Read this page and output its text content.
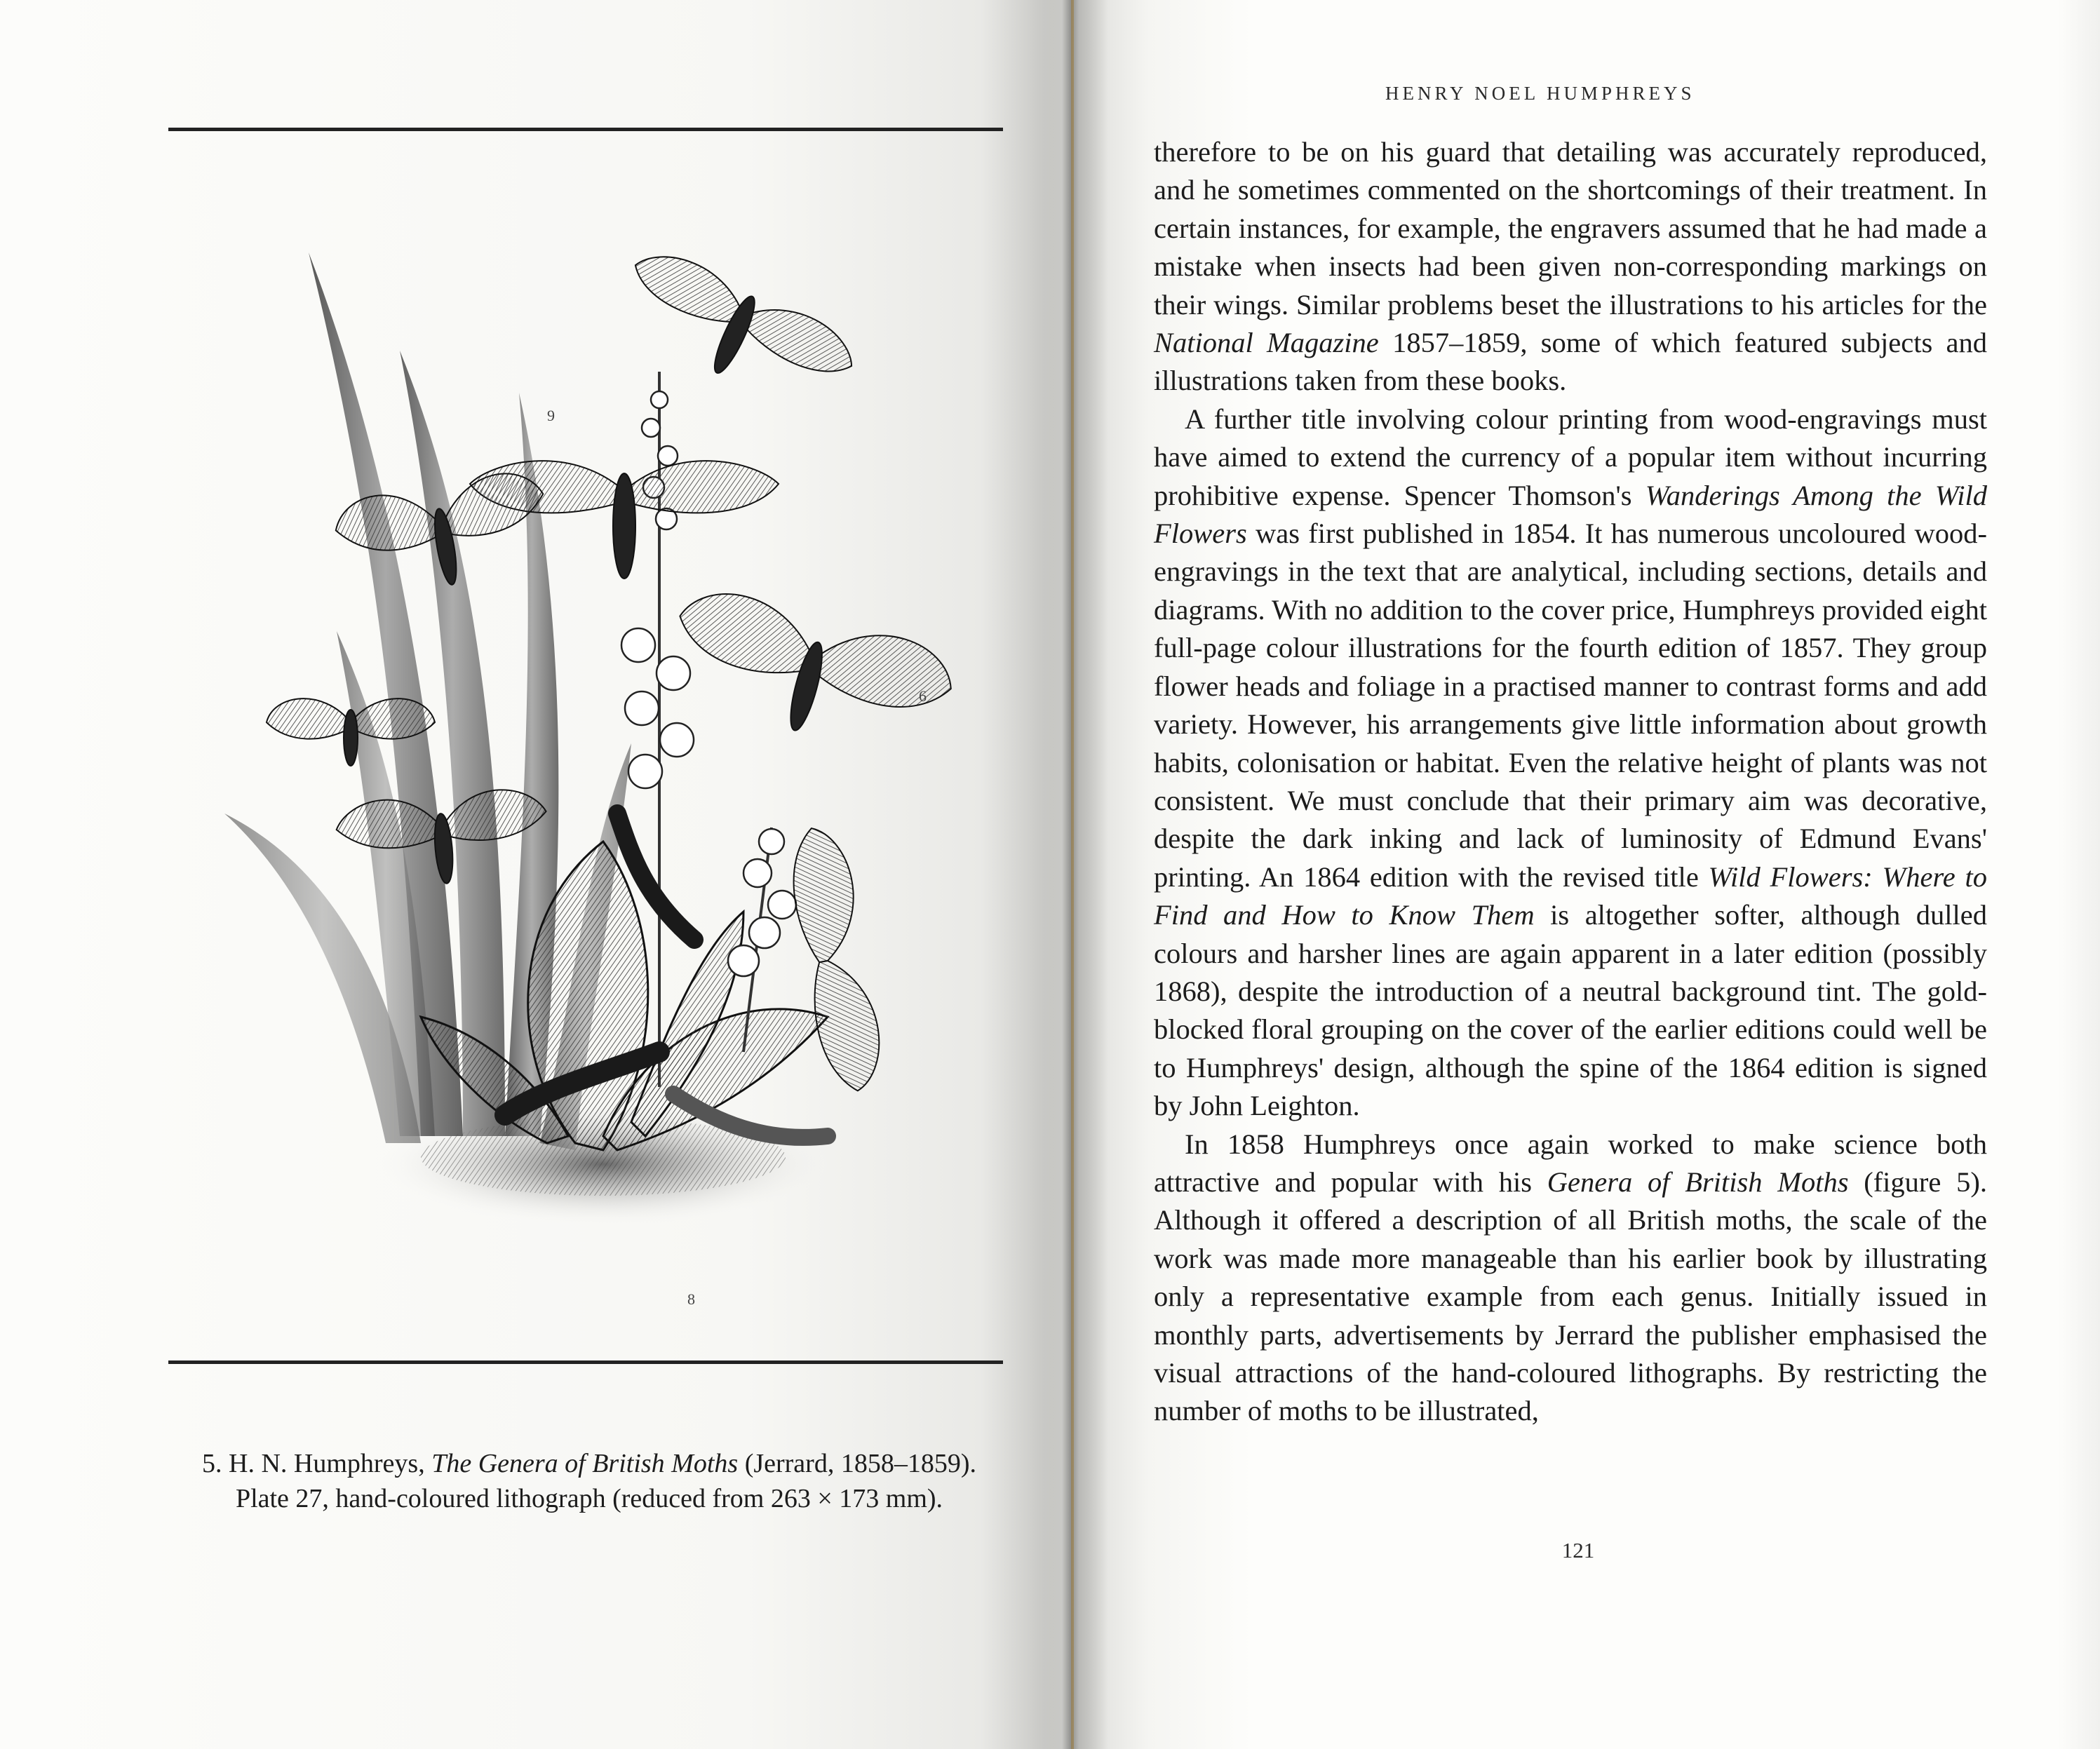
9
6
8

5. H. N. Humphreys, The Genera of British Moths (Jerrard, 1858–1859).

Plate 27, hand-coloured lithograph (reduced from 263 × 173 mm).

HENRY NOEL HUMPHREYS

therefore to be on his guard that detailing was accurately reproduced, and he sometimes commented on the shortcomings of their treatment. In certain instances, for example, the engravers assumed that he had made a mistake when insects had been given non-corresponding markings on their wings. Similar problems beset the illustrations to his articles for the National Magazine 1857–1859, some of which featured subjects and illustrations taken from these books.

A further title involving colour printing from wood-engravings must have aimed to extend the currency of a popular item without incurring prohibitive expense. Spencer Thomson's Wanderings Among the Wild Flowers was first published in 1854. It has numerous uncoloured wood-engravings in the text that are analytical, including sections, details and diagrams. With no addition to the cover price, Humphreys provided eight full-page colour illustrations for the fourth edition of 1857. They group flower heads and foliage in a practised manner to contrast forms and add variety. However, his arrangements give little information about growth habits, colonisation or habitat. Even the relative height of plants was not consistent. We must conclude that their primary aim was decorative, despite the dark inking and lack of luminosity of Edmund Evans' printing. An 1864 edition with the revised title Wild Flowers: Where to Find and How to Know Them is altogether softer, although dulled colours and harsher lines are again apparent in a later edition (possibly 1868), despite the introduction of a neutral background tint. The gold-blocked floral grouping on the cover of the earlier editions could well be to Humphreys' design, although the spine of the 1864 edition is signed by John Leighton.

In 1858 Humphreys once again worked to make science both attractive and popular with his Genera of British Moths (figure 5). Although it offered a description of all British moths, the scale of the work was made more manageable than his earlier book by illustrating only a representative example from each genus. Initially issued in monthly parts, advertisements by Jerrard the publisher emphasised the visual attractions of the hand-coloured lithographs. By restricting the number of moths to be illustrated,

121
